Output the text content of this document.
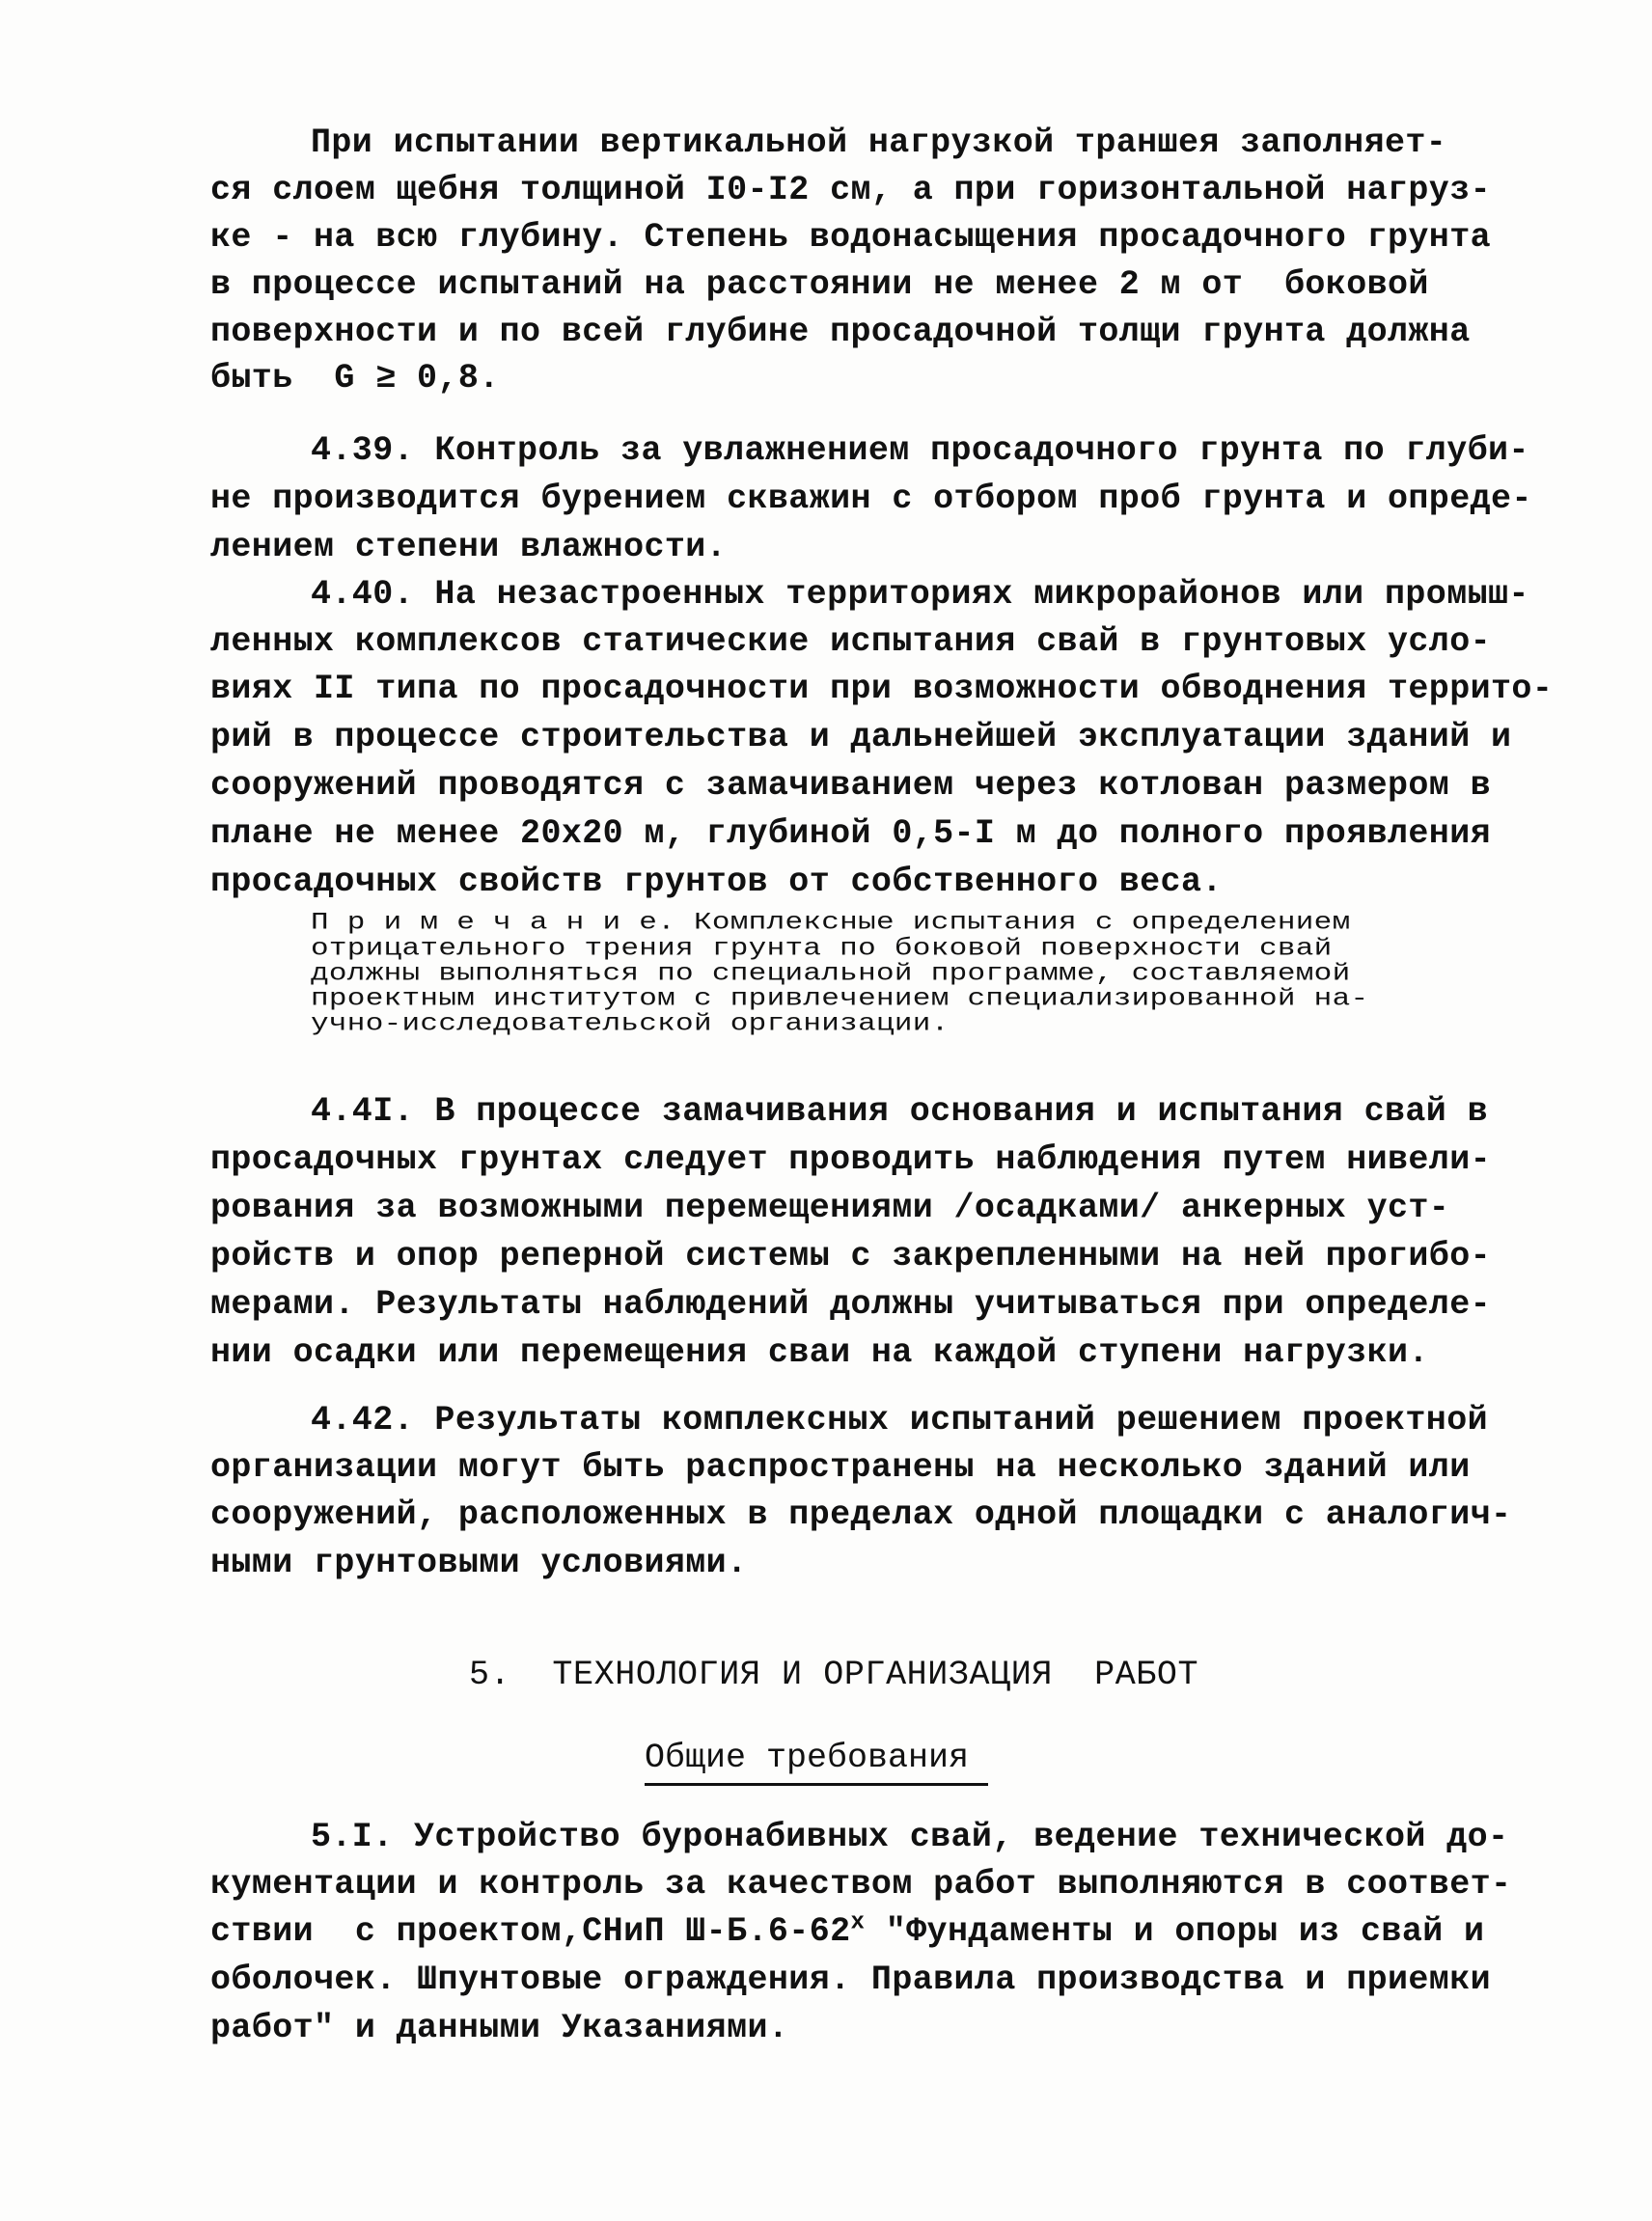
При испытании вертикальной нагрузкой траншея заполняет-
ся слоем щебня толщиной I0-I2 см, а при горизонтальной нагруз-
ке - на всю глубину. Степень водонасыщения просадочного грунта
в процессе испытаний на расстоянии не менее 2 м от  боковой
поверхности и по всей глубине просадочной толщи грунта должна
быть  G ≥ 0,8.
4.39. Контроль за увлажнением просадочного грунта по глуби-
не производится бурением скважин с отбором проб грунта и опреде-
лением степени влажности.
4.40. На незастроенных территориях микрорайонов или промыш-
ленных комплексов статические испытания свай в грунтовых усло-
виях II типа по просадочности при возможности обводнения террито-
рий в процессе строительства и дальнейшей эксплуатации зданий и
сооружений проводятся с замачиванием через котлован размером в
плане не менее 20х20 м, глубиной 0,5-I м до полного проявления
просадочных свойств грунтов от собственного веса.
П р и м е ч а н и е. Комплексные испытания с определением
отрицательного трения грунта по боковой поверхности свай
должны выполняться по специальной программе, составляемой
проектным институтом с привлечением специализированной на-
учно-исследовательской организации.
4.4I. В процессе замачивания основания и испытания свай в
просадочных грунтах следует проводить наблюдения путем нивели-
рования за возможными перемещениями /осадками/ анкерных уст-
ройств и опор реперной системы с закрепленными на ней прогибо-
мерами. Результаты наблюдений должны учитываться при определе-
нии осадки или перемещения сваи на каждой ступени нагрузки.
4.42. Результаты комплексных испытаний решением проектной
организации могут быть распространены на несколько зданий или
сооружений, расположенных в пределах одной площадки с аналогич-
ными грунтовыми условиями.
5.  ТЕХНОЛОГИЯ И ОРГАНИЗАЦИЯ  РАБОТ
Общие требования
5.I. Устройство буронабивных свай, ведение технической до-
кументации и контроль за качеством работ выполняются в соответ-
ствии  с проектом,СНиП $Ш-Б.6-62^х$ "Фундаменты и опоры из свай и
оболочек. Шпунтовые ограждения. Правила производства и приемки
работ" и данными Указаниями.
